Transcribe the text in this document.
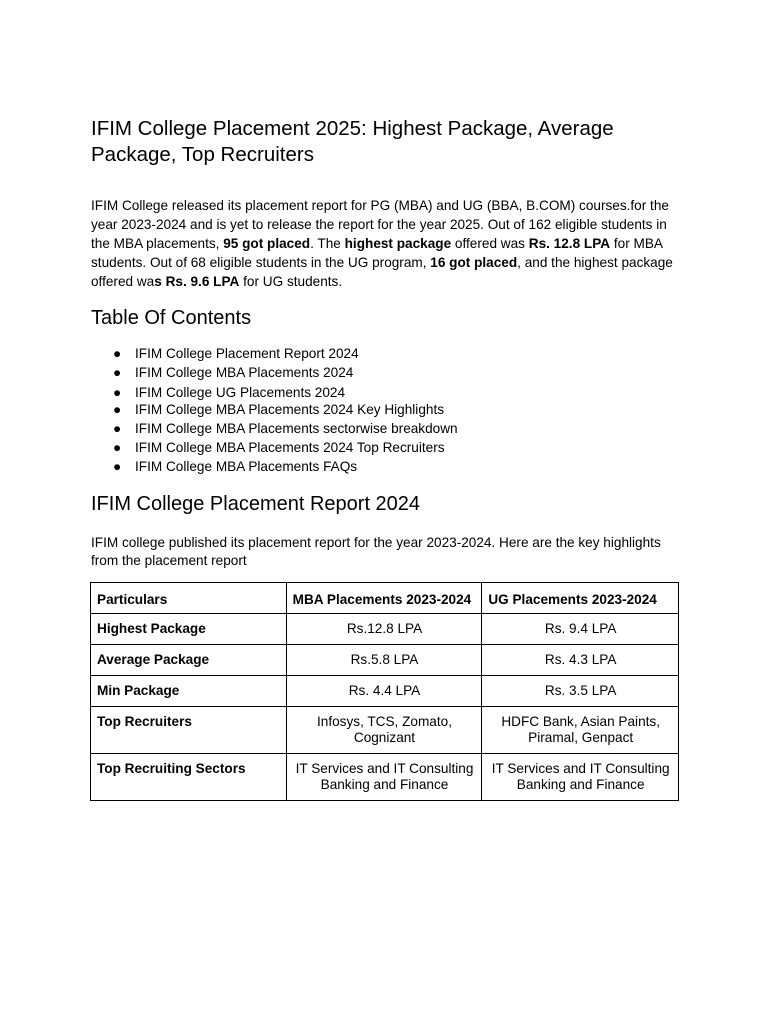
IFIM College Placement 2025: Highest Package, Average Package, Top Recruiters

IFIM College released its placement report for PG (MBA) and UG (BBA, B.COM) courses.for the year 2023-2024 and is yet to release the report for the year 2025. Out of 162 eligible students in the MBA placements, 95 got placed. The highest package offered was Rs. 12.8 LPA for MBA students. Out of 68 eligible students in the UG program, 16 got placed, and the highest package offered was Rs. 9.6 LPA for UG students.

Table Of Contents
● IFIM College Placement Report 2024
● IFIM College MBA Placements 2024
● IFIM College UG Placements 2024
● IFIM College MBA Placements 2024 Key Highlights
● IFIM College MBA Placements sectorwise breakdown
● IFIM College MBA Placements 2024 Top Recruiters
● IFIM College MBA Placements FAQs
IFIM College Placement Report 2024

IFIM college published its placement report for the year 2023-2024. Here are the key highlights from the placement report

Particulars	MBA Placements 2023-2024	UG Placements 2023-2024
Highest Package	Rs.12.8 LPA	Rs. 9.4 LPA
Average Package	Rs.5.8 LPA	Rs. 4.3 LPA
Min Package	Rs. 4.4 LPA	Rs. 3.5 LPA
Top Recruiters	Infosys, TCS, Zomato, Cognizant	HDFC Bank, Asian Paints, Piramal, Genpact
Top Recruiting Sectors	IT Services and IT Consulting Banking and Finance	IT Services and IT Consulting Banking and Finance
